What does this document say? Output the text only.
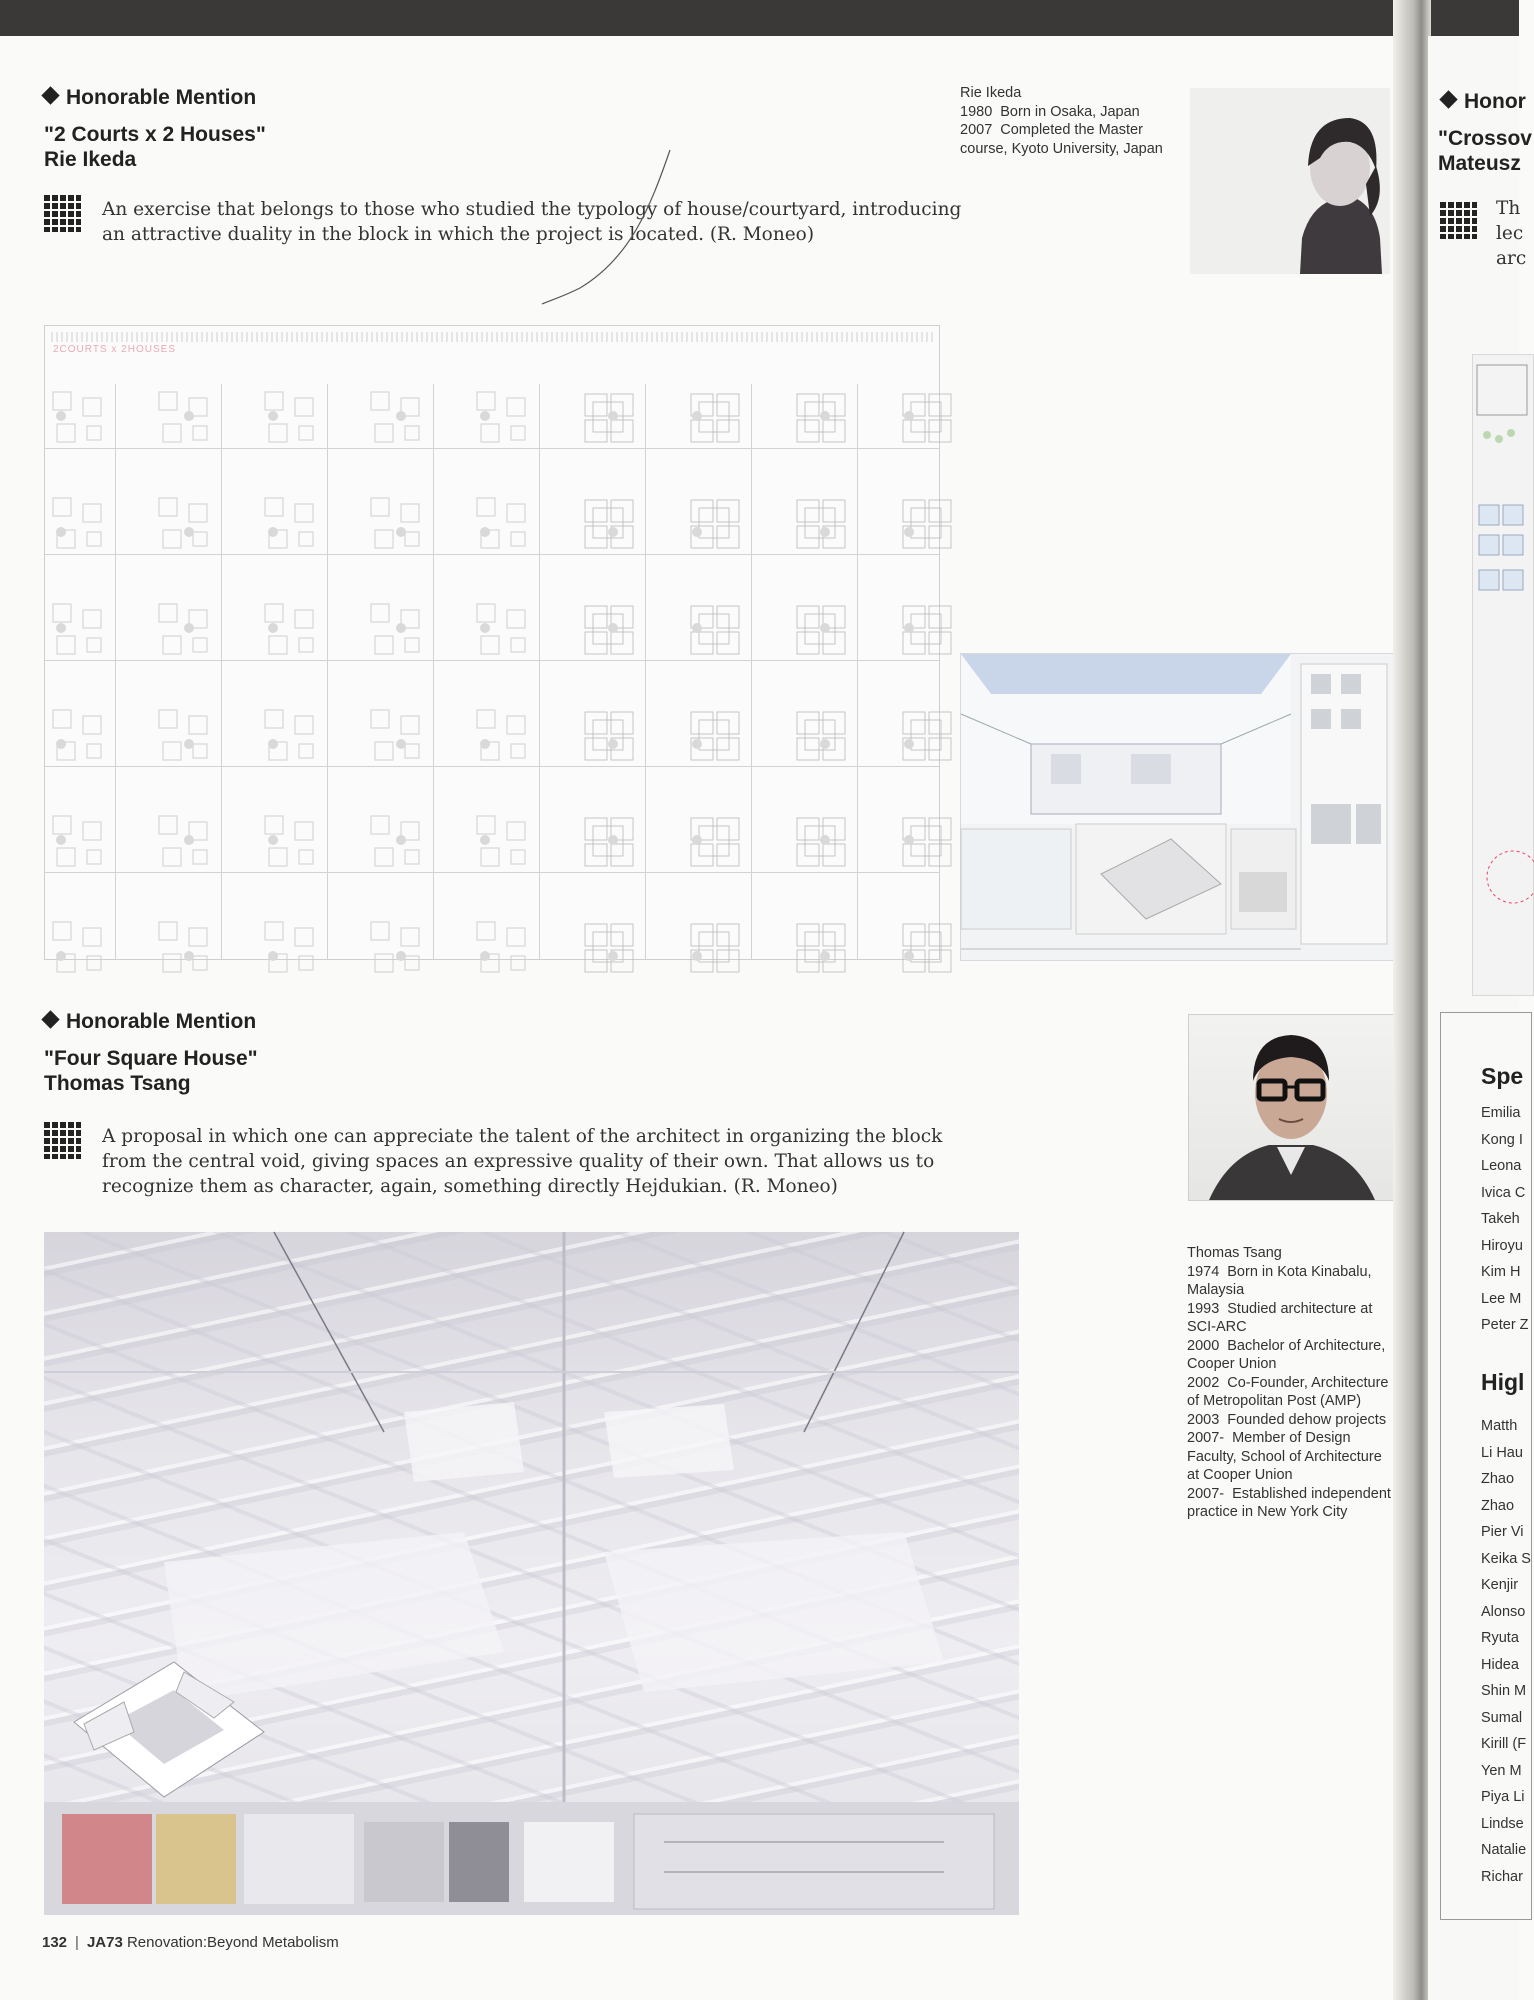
Honorable Mention
"2 Courts x 2 Houses"
Rie Ikeda
An exercise that belongs to those who studied the typology of house/courtyard, introducing an attractive duality in the block in which the project is located. (R. Moneo)
Rie Ikeda
1980 Born in Osaka, Japan
2007 Completed the Master course, Kyoto University, Japan
2COURTS x 2HOUSES
Honorable Mention
"Four Square House"
Thomas Tsang
A proposal in which one can appreciate the talent of the architect in organizing the block from the central void, giving spaces an expressive quality of their own. That allows us to recognize them as character, again, something directly Hejdukian. (R. Moneo)
Thomas Tsang
1974 Born in Kota Kinabalu, Malaysia
1993 Studied architecture at SCI-ARC
2000 Bachelor of Architecture, Cooper Union
2002 Co-Founder, Architecture of Metropolitan Post (AMP)
2003 Founded dehow projects
2007- Member of Design Faculty, School of Architecture at Cooper Union
2007- Established independent practice in New York City
Honor
"Crossov
Mateusz
Th
lec
arc
Spe
Emilia
Kong I
Leona
Ivica C
Takeh
Hiroyu
Kim H
Lee M
Peter Z
Higl
Matth
Li Hau
Zhao
Zhao
Pier Vi
Keika S
Kenjir
Alonso
Ryuta
Hidea
Shin M
Sumal
Kirill (F
Yen M
Piya Li
Lindse
Natalie
Richar
132 | JA73 Renovation:Beyond Metabolism
